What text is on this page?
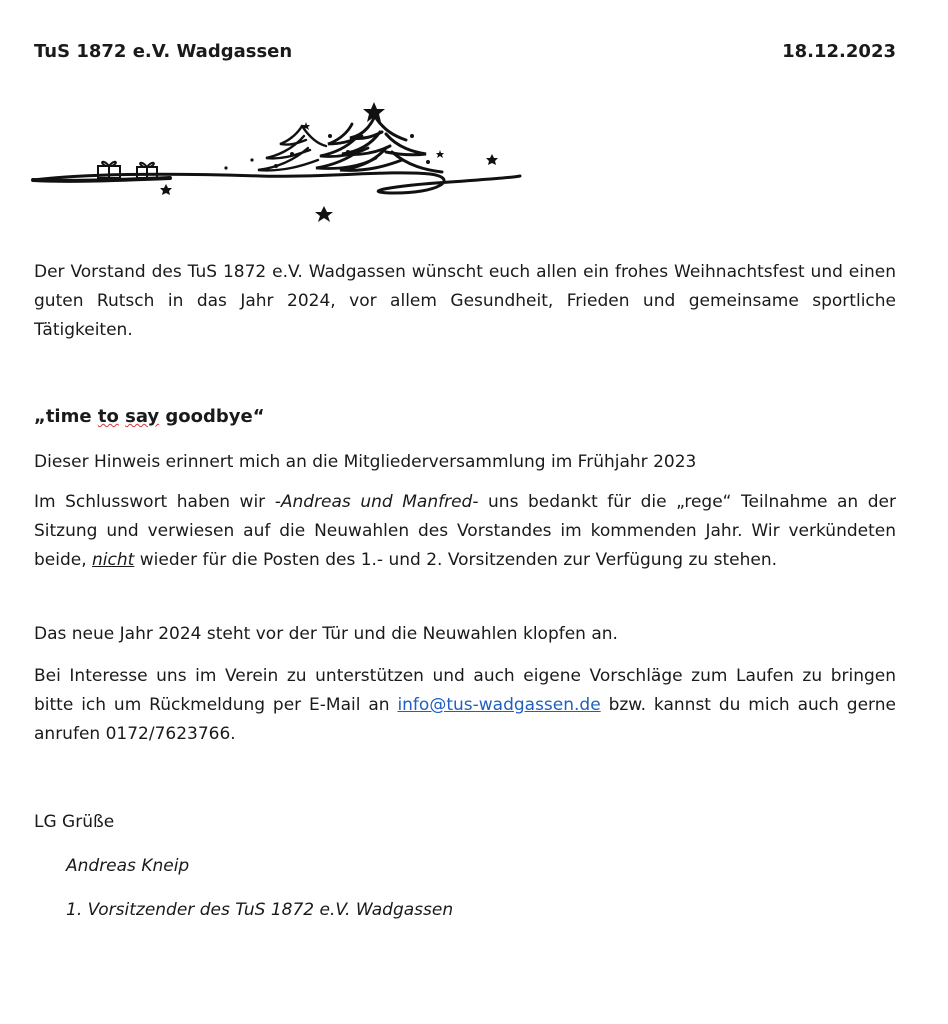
TuS 1872 e.V. Wadgassen	18.12.2023
Der Vorstand des TuS 1872 e.V. Wadgassen wünscht euch allen ein frohes Weihnachtsfest und einen guten Rutsch in das Jahr 2024, vor allem Gesundheit, Frieden und gemeinsame sportliche Tätigkeiten.
„time to say goodbye“
Dieser Hinweis erinnert mich an die Mitgliederversammlung im Frühjahr 2023
Im Schlusswort haben wir -Andreas und Manfred- uns bedankt für die „rege“ Teilnahme an der Sitzung und verwiesen auf die Neuwahlen des Vorstandes im kommenden Jahr. Wir verkündeten beide, nicht wieder für die Posten des 1.- und 2. Vorsitzenden zur Verfügung zu stehen.
Das neue Jahr 2024 steht vor der Tür und die Neuwahlen klopfen an.
Bei Interesse uns im Verein zu unterstützen und auch eigene Vorschläge zum Laufen zu bringen bitte ich um Rückmeldung per E-Mail an info@tus-wadgassen.de bzw. kannst du mich auch gerne anrufen 0172/7623766.
LG Grüße
Andreas Kneip
1. Vorsitzender des TuS 1872 e.V. Wadgassen
